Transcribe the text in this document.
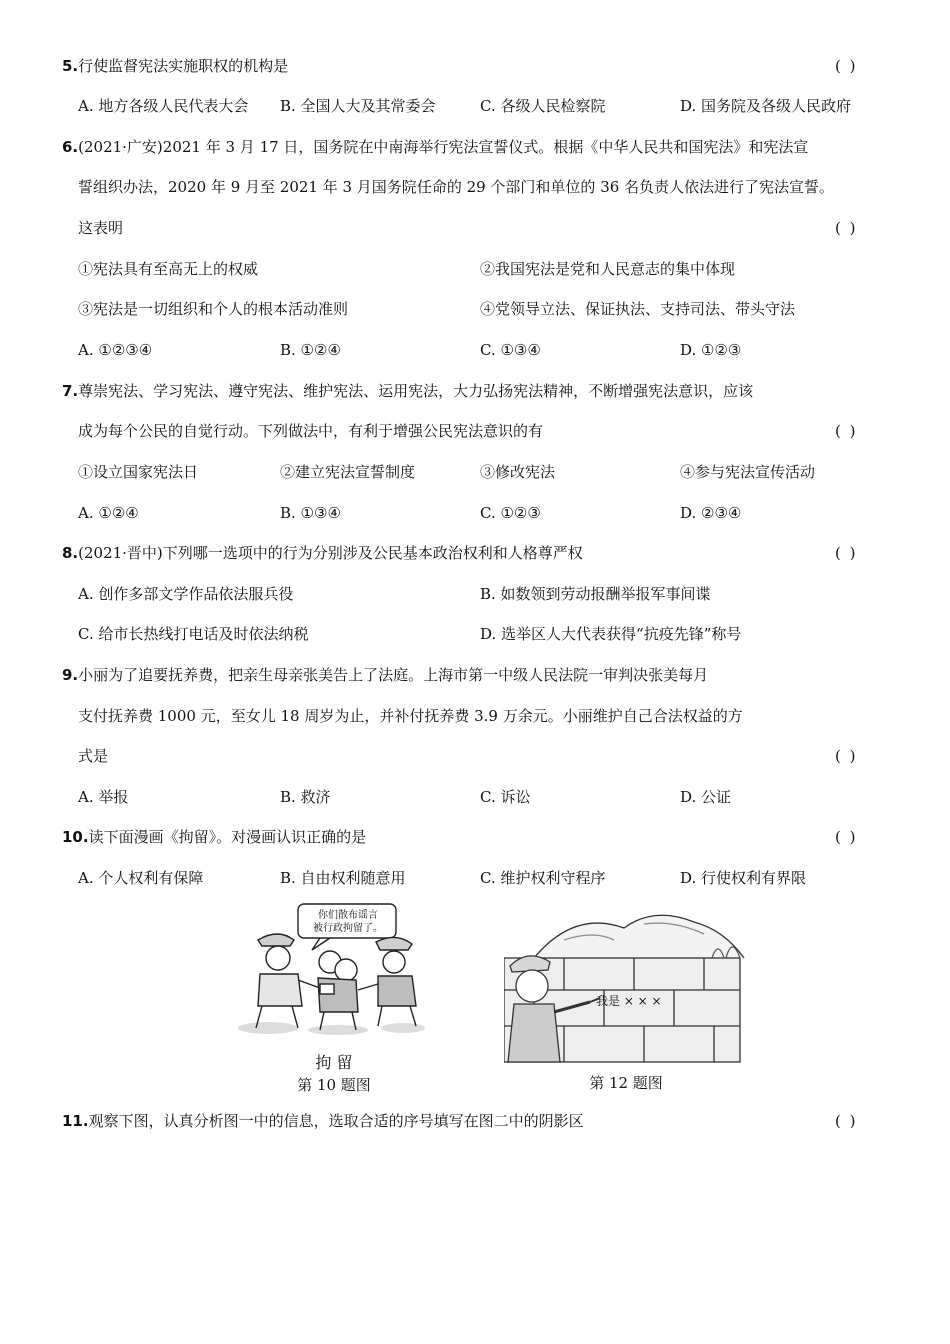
5.行使监督宪法实施职权的机构是	( )
A. 地方各级人民代表大会 B. 全国人大及其常委会	C. 各级人民检察院	D. 国务院及各级人民政府
6.(2021·广安)2021 年 3 月 17 日，国务院在中南海举行宪法宣誓仪式。根据《中华人民共和国宪法》和宪法宣
誓组织办法，2020 年 9 月至 2021 年 3 月国务院任命的 29 个部门和单位的 36 名负责人依法进行了宪法宣誓。
这表明	( )
①宪法具有至高无上的权威	②我国宪法是党和人民意志的集中体现
③宪法是一切组织和个人的根本活动准则	④党领导立法、保证执法、支持司法、带头守法
A. ①②③④	B. ①②④	C. ①③④	D. ①②③
7.尊崇宪法、学习宪法、遵守宪法、维护宪法、运用宪法，大力弘扬宪法精神，不断增强宪法意识，应该
成为每个公民的自觉行动。下列做法中，有利于增强公民宪法意识的有	( )
①设立国家宪法日	②建立宪法宣誓制度	③修改宪法	④参与宪法宣传活动
A. ①②④	B. ①③④	C. ①②③	D. ②③④
8.(2021·晋中)下列哪一选项中的行为分别涉及公民基本政治权利和人格尊严权	( )
A. 创作多部文学作品依法服兵役	B. 如数领到劳动报酬举报军事间谍
C. 给市长热线打电话及时依法纳税	D. 选举区人大代表获得“抗疫先锋”称号
9.小丽为了追要抚养费，把亲生母亲张美告上了法庭。上海市第一中级人民法院一审判决张美每月
支付抚养费 1000 元，至女儿 18 周岁为止，并补付抚养费 3.9 万余元。小丽维护自己合法权益的方
式是	( )
A. 举报	B. 救济	C. 诉讼	D. 公证
10.读下面漫画《拘留》。对漫画认识正确的是	( )
A. 个人权利有保障	B. 自由权利随意用	C. 维护权利守程序	D. 行使权利有界限
你们散布谣言
被行政拘留了。
拘 留
第 10 题图
我是 × × ×
第 12 题图
11.观察下图，认真分析图一中的信息，选取合适的序号填写在图二中的阴影区	( )
